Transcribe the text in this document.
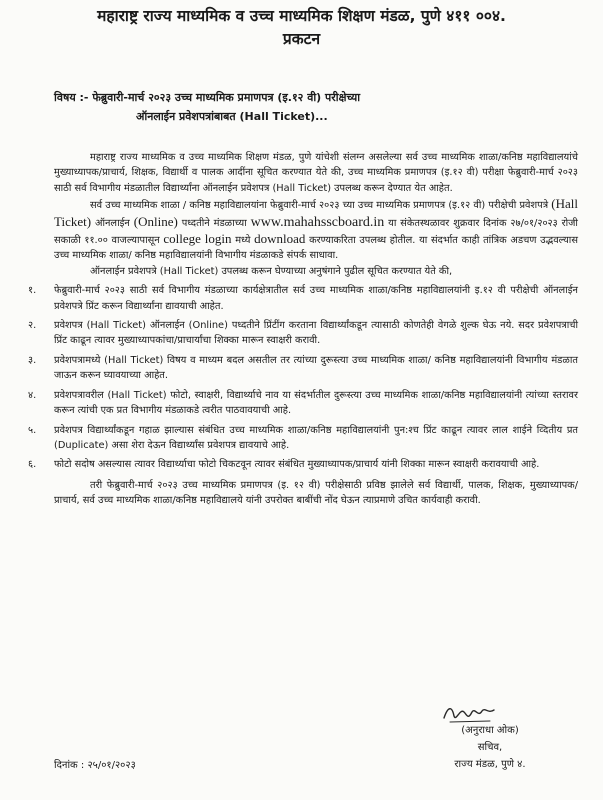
महाराष्ट्र राज्य माध्यमिक व उच्च माध्यमिक शिक्षण मंडळ, पुणे ४११ ००४.
प्रकटन
विषय :- फेब्रुवारी-मार्च २०२३ उच्च माध्यमिक प्रमाणपत्र (इ.१२ वी) परीक्षेच्या
ऑनलाईन प्रवेशपत्रांबाबत (Hall Ticket)...

महाराष्ट्र राज्य माध्यमिक व उच्च माध्यमिक शिक्षण मंडळ, पुणे यांचेशी संलग्न असलेल्या सर्व उच्च माध्यमिक शाळा/कनिष्ठ महाविद्यालयांचे मुख्याध्यापक/प्राचार्य, शिक्षक, विद्यार्थी व पालक आदींना सूचित करण्यात येते की, उच्च माध्यमिक प्रमाणपत्र (इ.१२ वी) परीक्षा फेब्रुवारी-मार्च २०२३ साठी सर्व विभागीय मंडळातील विद्यार्थ्यांना ऑनलाईन प्रवेशपत्र (Hall Ticket) उपलब्ध करून देण्यात येत आहेत.

सर्व उच्च माध्यमिक शाळा / कनिष्ठ महाविद्यालयांना फेब्रुवारी-मार्च २०२३ च्या उच्च माध्यमिक प्रमाणपत्र (इ.१२ वी) परीक्षेची प्रवेशपत्रे (Hall Ticket) ऑनलाईन (Online) पध्दतीने मंडळाच्या www.mahahsscboard.in या संकेतस्थळावर शुक्रवार दिनांक २७/०१/२०२३ रोजी सकाळी ११.०० वाजल्यापासून college login मध्ये download करण्याकरिता उपलब्ध होतील. या संदर्भात काही तांत्रिक अडचण उद्भवल्यास उच्च माध्यमिक शाळा/ कनिष्ठ महाविद्यालयांनी विभागीय मंडळाकडे संपर्क साधावा.

ऑनलाईन प्रवेशपत्रे (Hall Ticket) उपलब्ध करून घेण्याच्या अनुषंगाने पुढील सूचित करण्यात येते की,

१. फेब्रुवारी-मार्च २०२३ साठी सर्व विभागीय मंडळाच्या कार्यक्षेत्रातील सर्व उच्च माध्यमिक शाळा/कनिष्ठ महाविद्यालयांनी इ.१२ वी परीक्षेची ऑनलाईन प्रवेशपत्रे प्रिंट करून विद्यार्थ्यांना द्यावयाची आहेत.
२. प्रवेशपत्र (Hall Ticket) ऑनलाईन (Online) पध्दतीने प्रिंटींग करताना विद्यार्थ्यांकडून त्यासाठी कोणतेही वेगळे शुल्क घेऊ नये. सदर प्रवेशपत्राची प्रिंट काढून त्यावर मुख्याध्यापकांचा/प्राचार्यांचा शिक्का मारून स्वाक्षरी करावी.
३. प्रवेशपत्रामध्ये (Hall Ticket) विषय व माध्यम बदल असतील तर त्यांच्या दुरूस्त्या उच्च माध्यमिक शाळा/ कनिष्ठ महाविद्यालयांनी विभागीय मंडळात जाऊन करून घ्यावयाच्या आहेत.
४. प्रवेशपत्रावरील (Hall Ticket) फोटो, स्वाक्षरी, विद्यार्थ्याचे नाव या संदर्भातील दुरूस्त्या उच्च माध्यमिक शाळा/कनिष्ठ महाविद्यालयांनी त्यांच्या स्तरावर करून त्यांची एक प्रत विभागीय मंडळाकडे त्वरीत पाठवावयाची आहे.
५. प्रवेशपत्र विद्यार्थ्यांकडून गहाळ झाल्यास संबंधित उच्च माध्यमिक शाळा/कनिष्ठ महाविद्यालयांनी पुन:श्च प्रिंट काढून त्यावर लाल शाईने व्दितीय प्रत (Duplicate) असा शेरा देऊन विद्यार्थ्यांस प्रवेशपत्र द्यावयाचे आहे.
६. फोटो सदोष असल्यास त्यावर विद्यार्थ्याचा फोटो चिकटवून त्यावर संबंधित मुख्याध्यापक/प्राचार्य यांनी शिक्का मारून स्वाक्षरी करावयाची आहे.

तरी फेब्रुवारी-मार्च २०२३ उच्च माध्यमिक प्रमाणपत्र (इ. १२ वी) परीक्षेसाठी प्रविष्ठ झालेले सर्व विद्यार्थी, पालक, शिक्षक, मुख्याध्यापक/प्राचार्य, सर्व उच्च माध्यमिक शाळा/कनिष्ठ महाविद्यालये यांनी उपरोक्त बाबींची नोंद घेऊन त्याप्रमाणे उचित कार्यवाही करावी.

(अनुराधा ओक)
सचिव,
राज्य मंडळ, पुणे ४.
दिनांक : २५/०१/२०२३
